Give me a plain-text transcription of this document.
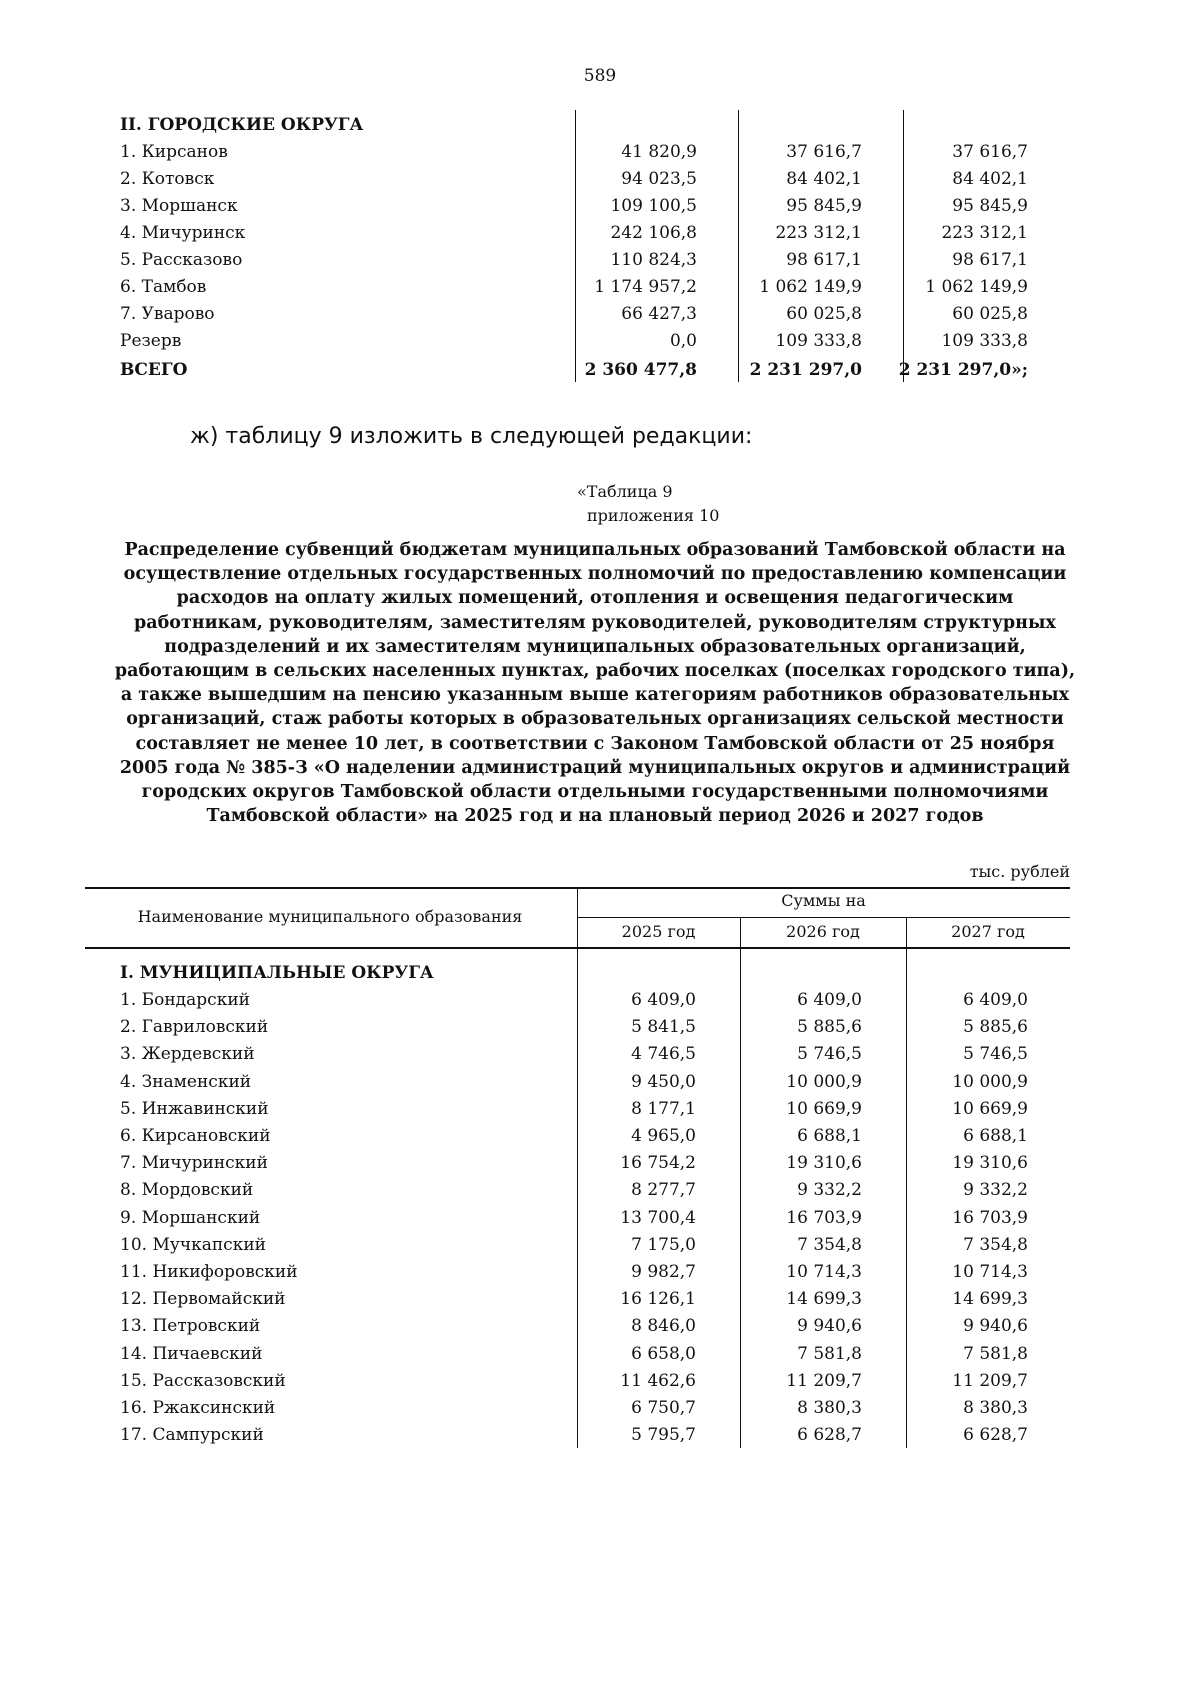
589
II. ГОРОДСКИЕ ОКРУГА
1. Кирсанов	41 820,9	37 616,7	37 616,7
2. Котовск	94 023,5	84 402,1	84 402,1
3. Моршанск	109 100,5	95 845,9	95 845,9
4. Мичуринск	242 106,8	223 312,1	223 312,1
5. Рассказово	110 824,3	98 617,1	98 617,1
6. Тамбов	1 174 957,2	1 062 149,9	1 062 149,9
7. Уварово	66 427,3	60 025,8	60 025,8
Резерв	0,0	109 333,8	109 333,8
ВСЕГО	2 360 477,8	2 231 297,0	2 231 297,0»;
ж) таблицу 9 изложить в следующей редакции:
«Таблица 9
приложения 10
Распределение субвенций бюджетам муниципальных образований Тамбовской области на
осуществление отдельных государственных полномочий по предоставлению компенсации
расходов на оплату жилых помещений, отопления и освещения педагогическим
работникам, руководителям, заместителям руководителей, руководителям структурных
подразделений и их заместителям муниципальных образовательных организаций,
работающим в сельских населенных пунктах, рабочих поселках (поселках городского типа),
а также вышедшим на пенсию указанным выше категориям работников образовательных
организаций, стаж работы которых в образовательных организациях сельской местности
составляет не менее 10 лет, в соответствии с Законом Тамбовской области от 25 ноября
2005 года № 385-З «О наделении администраций муниципальных округов и администраций
городских округов Тамбовской области отдельными государственными полномочиями
Тамбовской области» на 2025 год и на плановый период 2026 и 2027 годов
тыс. рублей
Наименование муниципального образования
Суммы на
2025 год	2026 год	2027 год
I. МУНИЦИПАЛЬНЫЕ ОКРУГА
1. Бондарский	6 409,0	6 409,0	6 409,0
2. Гавриловский	5 841,5	5 885,6	5 885,6
3. Жердевский	4 746,5	5 746,5	5 746,5
4. Знаменский	9 450,0	10 000,9	10 000,9
5. Инжавинский	8 177,1	10 669,9	10 669,9
6. Кирсановский	4 965,0	6 688,1	6 688,1
7. Мичуринский	16 754,2	19 310,6	19 310,6
8. Мордовский	8 277,7	9 332,2	9 332,2
9. Моршанский	13 700,4	16 703,9	16 703,9
10. Мучкапский	7 175,0	7 354,8	7 354,8
11. Никифоровский	9 982,7	10 714,3	10 714,3
12. Первомайский	16 126,1	14 699,3	14 699,3
13. Петровский	8 846,0	9 940,6	9 940,6
14. Пичаевский	6 658,0	7 581,8	7 581,8
15. Рассказовский	11 462,6	11 209,7	11 209,7
16. Ржаксинский	6 750,7	8 380,3	8 380,3
17. Сампурский	5 795,7	6 628,7	6 628,7
